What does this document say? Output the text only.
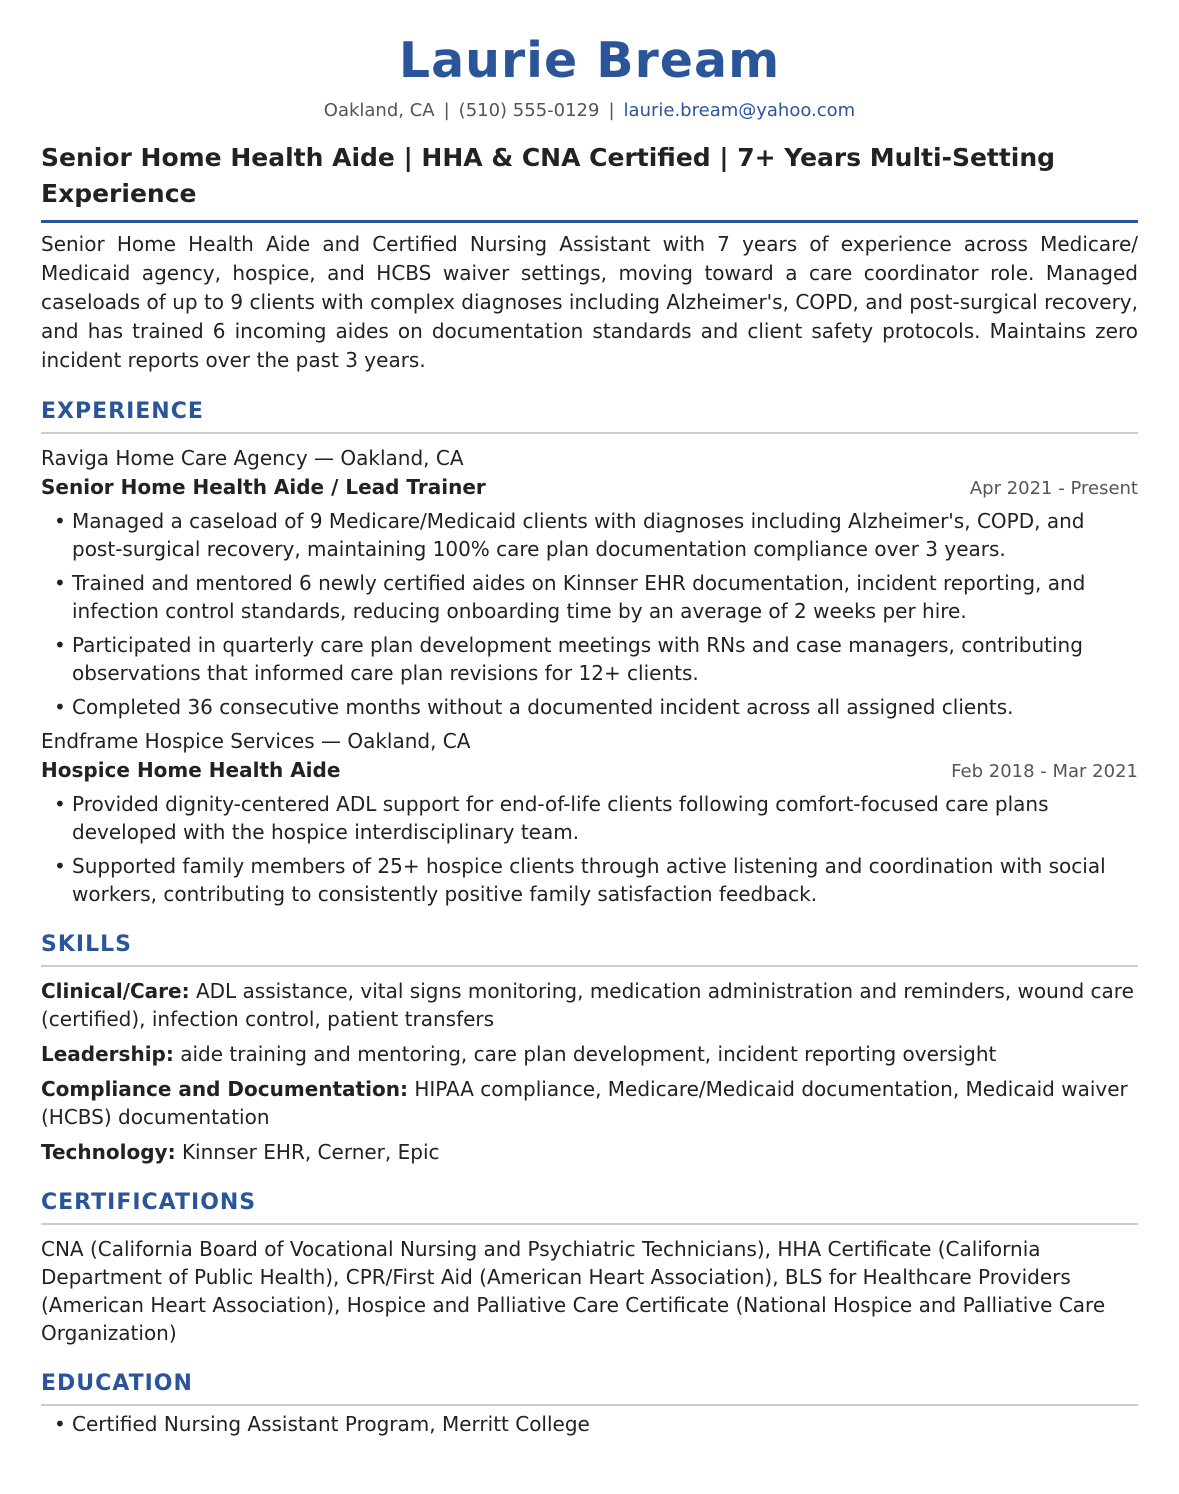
Laurie Bream
Oakland, CA | (510) 555-0129 | laurie.bream@yahoo.com
Senior Home Health Aide | HHA & CNA Certified | 7+ Years Multi-Setting Experience
Senior Home Health Aide and Certified Nursing Assistant with 7 years of experience across Medicare/ Medicaid agency, hospice, and HCBS waiver settings, moving toward a care coordinator role. Managed caseloads of up to 9 clients with complex diagnoses including Alzheimer's, COPD, and post-surgical recovery, and has trained 6 incoming aides on documentation standards and client safety protocols. Maintains zero incident reports over the past 3 years.
EXPERIENCE
Raviga Home Care Agency — Oakland, CA
Senior Home Health Aide / Lead Trainer	Apr 2021 - Present
• Managed a caseload of 9 Medicare/Medicaid clients with diagnoses including Alzheimer's, COPD, and post-surgical recovery, maintaining 100% care plan documentation compliance over 3 years.
• Trained and mentored 6 newly certified aides on Kinnser EHR documentation, incident reporting, and infection control standards, reducing onboarding time by an average of 2 weeks per hire.
• Participated in quarterly care plan development meetings with RNs and case managers, contributing observations that informed care plan revisions for 12+ clients.
• Completed 36 consecutive months without a documented incident across all assigned clients.
Endframe Hospice Services — Oakland, CA
Hospice Home Health Aide	Feb 2018 - Mar 2021
• Provided dignity-centered ADL support for end-of-life clients following comfort-focused care plans developed with the hospice interdisciplinary team.
• Supported family members of 25+ hospice clients through active listening and coordination with social workers, contributing to consistently positive family satisfaction feedback.
SKILLS
Clinical/Care: ADL assistance, vital signs monitoring, medication administration and reminders, wound care (certified), infection control, patient transfers
Leadership: aide training and mentoring, care plan development, incident reporting oversight
Compliance and Documentation: HIPAA compliance, Medicare/Medicaid documentation, Medicaid waiver (HCBS) documentation
Technology: Kinnser EHR, Cerner, Epic
CERTIFICATIONS
CNA (California Board of Vocational Nursing and Psychiatric Technicians), HHA Certificate (California Department of Public Health), CPR/First Aid (American Heart Association), BLS for Healthcare Providers (American Heart Association), Hospice and Palliative Care Certificate (National Hospice and Palliative Care Organization)
EDUCATION
• Certified Nursing Assistant Program, Merritt College
